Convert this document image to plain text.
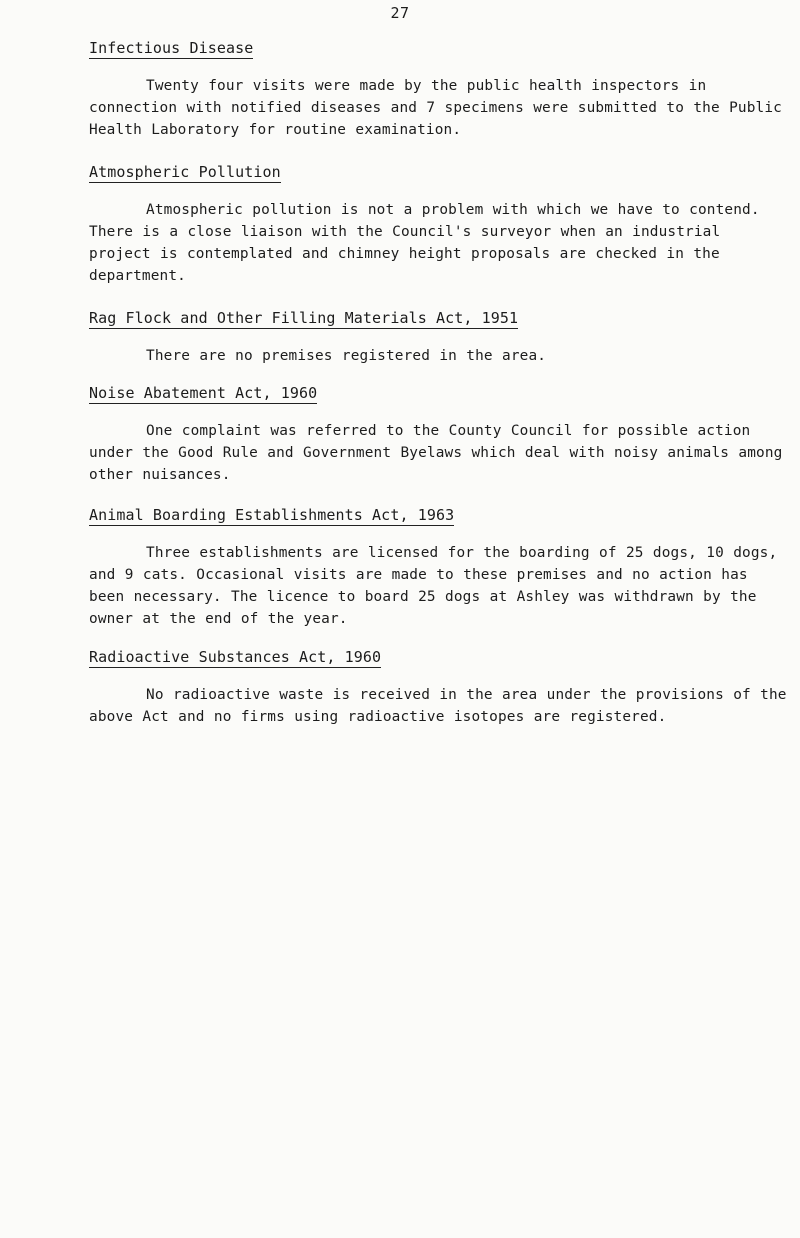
27
Infectious Disease

Twenty four visits were made by the public health inspectors in connection with notified diseases and 7 specimens were submitted to the Public Health Laboratory for routine examination.

Atmospheric Pollution

Atmospheric pollution is not a problem with which we have to contend. There is a close liaison with the Council's surveyor when an industrial project is contemplated and chimney height proposals are checked in the department.

Rag Flock and Other Filling Materials Act, 1951

There are no premises registered in the area.

Noise Abatement Act, 1960

One complaint was referred to the County Council for possible action under the Good Rule and Government Byelaws which deal with noisy animals among other nuisances.

Animal Boarding Establishments Act, 1963

Three establishments are licensed for the boarding of 25 dogs, 10 dogs, and 9 cats. Occasional visits are made to these premises and no action has been necessary. The licence to board 25 dogs at Ashley was withdrawn by the owner at the end of the year.

Radioactive Substances Act, 1960

No radioactive waste is received in the area under the provisions of the above Act and no firms using radioactive isotopes are registered.
